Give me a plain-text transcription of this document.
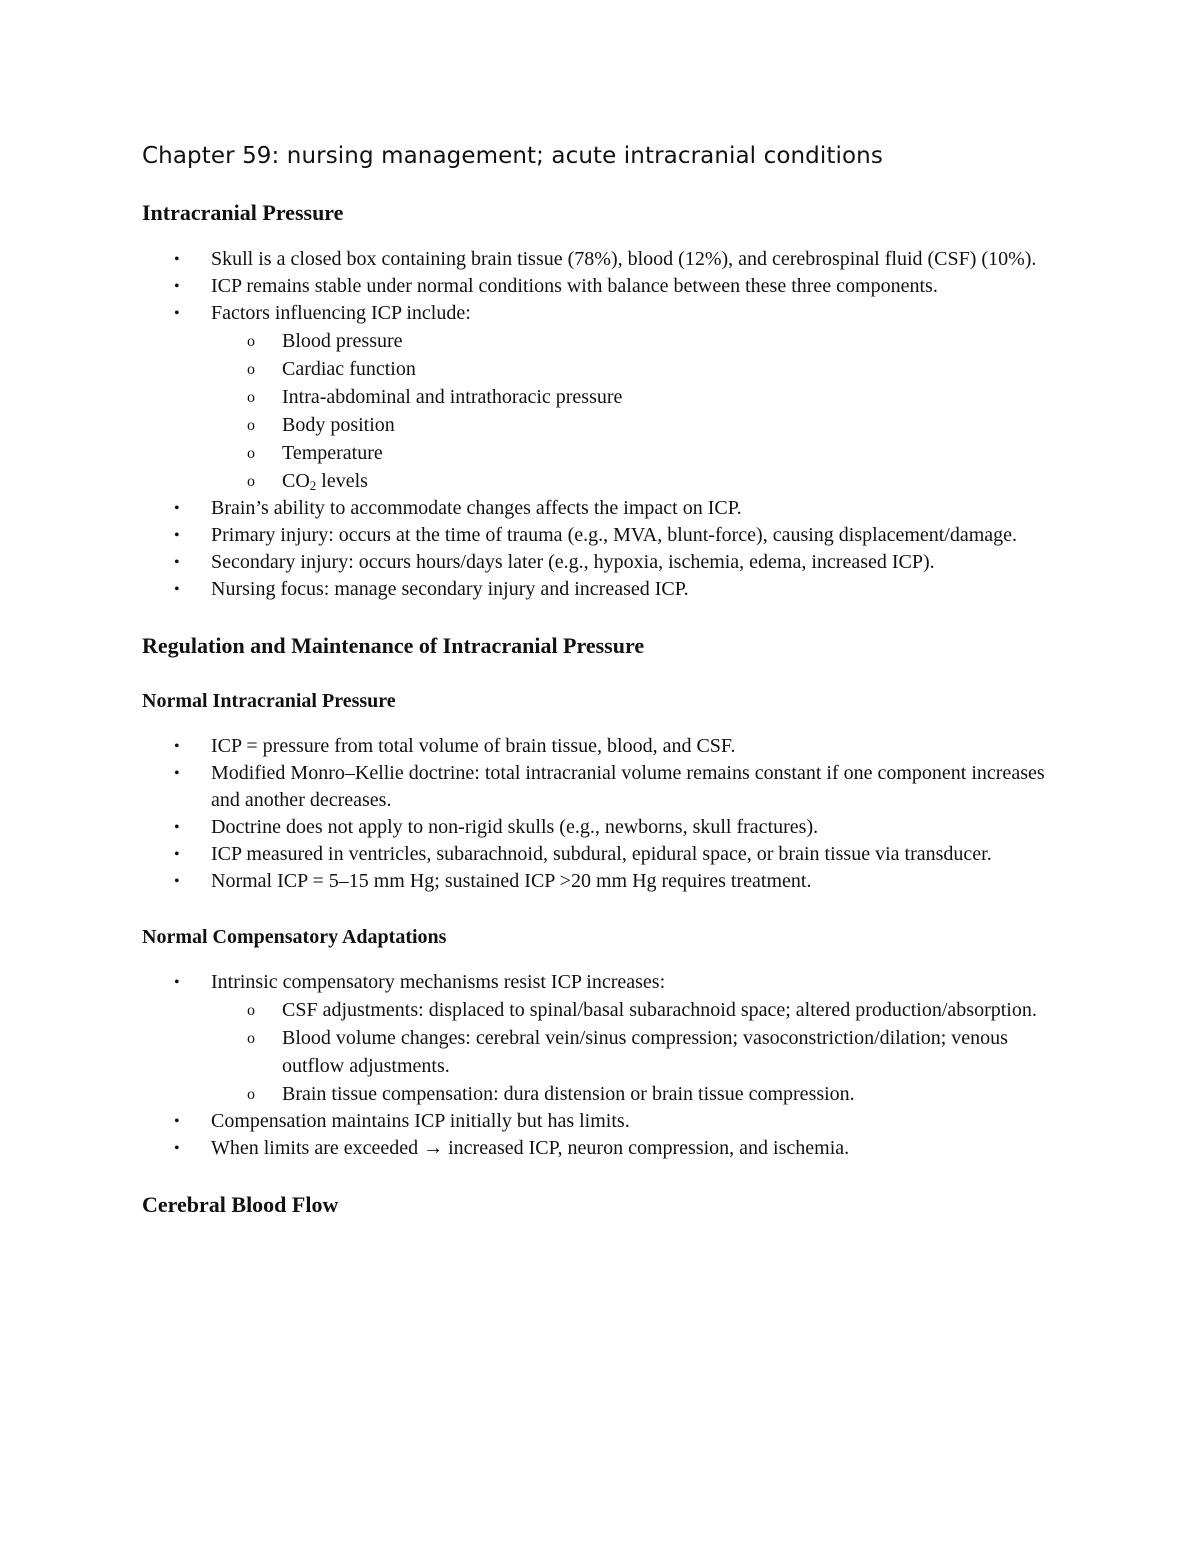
Chapter 59: nursing management; acute intracranial conditions
Intracranial Pressure
• Skull is a closed box containing brain tissue (78%), blood (12%), and cerebrospinal fluid (CSF) (10%).
• ICP remains stable under normal conditions with balance between these three components.
• Factors influencing ICP include:
o Blood pressure
o Cardiac function
o Intra-abdominal and intrathoracic pressure
o Body position
o Temperature
o $CO_2$ levels
• Brain’s ability to accommodate changes affects the impact on ICP.
• Primary injury: occurs at the time of trauma (e.g., MVA, blunt-force), causing displacement/damage.
• Secondary injury: occurs hours/days later (e.g., hypoxia, ischemia, edema, increased ICP).
• Nursing focus: manage secondary injury and increased ICP.
Regulation and Maintenance of Intracranial Pressure
Normal Intracranial Pressure
• ICP = pressure from total volume of brain tissue, blood, and CSF.
• Modified Monro–Kellie doctrine: total intracranial volume remains constant if one component increases and another decreases.
• Doctrine does not apply to non-rigid skulls (e.g., newborns, skull fractures).
• ICP measured in ventricles, subarachnoid, subdural, epidural space, or brain tissue via transducer.
• Normal ICP = 5–15 mm Hg; sustained ICP >20 mm Hg requires treatment.
Normal Compensatory Adaptations
• Intrinsic compensatory mechanisms resist ICP increases:
o CSF adjustments: displaced to spinal/basal subarachnoid space; altered production/absorption.
o Blood volume changes: cerebral vein/sinus compression; vasoconstriction/dilation; venous outflow adjustments.
o Brain tissue compensation: dura distension or brain tissue compression.
• Compensation maintains ICP initially but has limits.
• When limits are exceeded → increased ICP, neuron compression, and ischemia.
Cerebral Blood Flow
